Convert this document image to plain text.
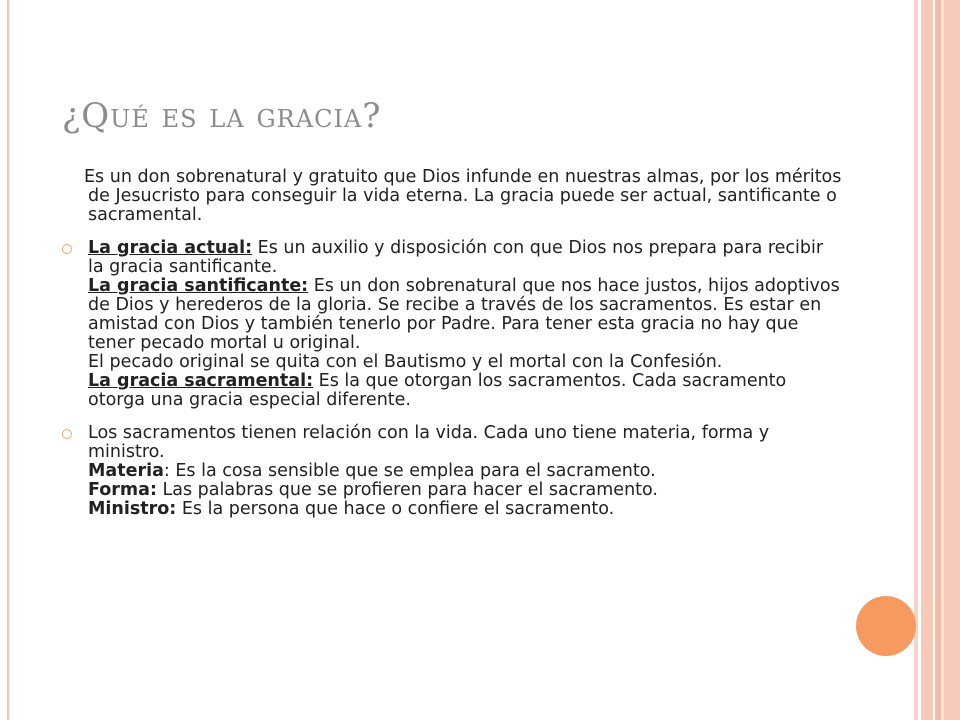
¿Qué es la gracia?

Es un don sobrenatural y gratuito que Dios infunde en nuestras almas, por los méritos de Jesucristo para conseguir la vida eterna. La gracia puede ser actual, santificante o sacramental.

La gracia actual: Es un auxilio y disposición con que Dios nos prepara para recibir la gracia santificante.
La gracia santificante: Es un don sobrenatural que nos hace justos, hijos adoptivos de Dios y herederos de la gloria. Se recibe a través de los sacramentos. Es estar en amistad con Dios y también tenerlo por Padre. Para tener esta gracia no hay que tener pecado mortal u original.
El pecado original se quita con el Bautismo y el mortal con la Confesión.
La gracia sacramental: Es la que otorgan los sacramentos. Cada sacramento otorga una gracia especial diferente.
Los sacramentos tienen relación con la vida. Cada uno tiene materia, forma y ministro.
Materia: Es la cosa sensible que se emplea para el sacramento.
Forma: Las palabras que se profieren para hacer el sacramento.
Ministro: Es la persona que hace o confiere el sacramento.
